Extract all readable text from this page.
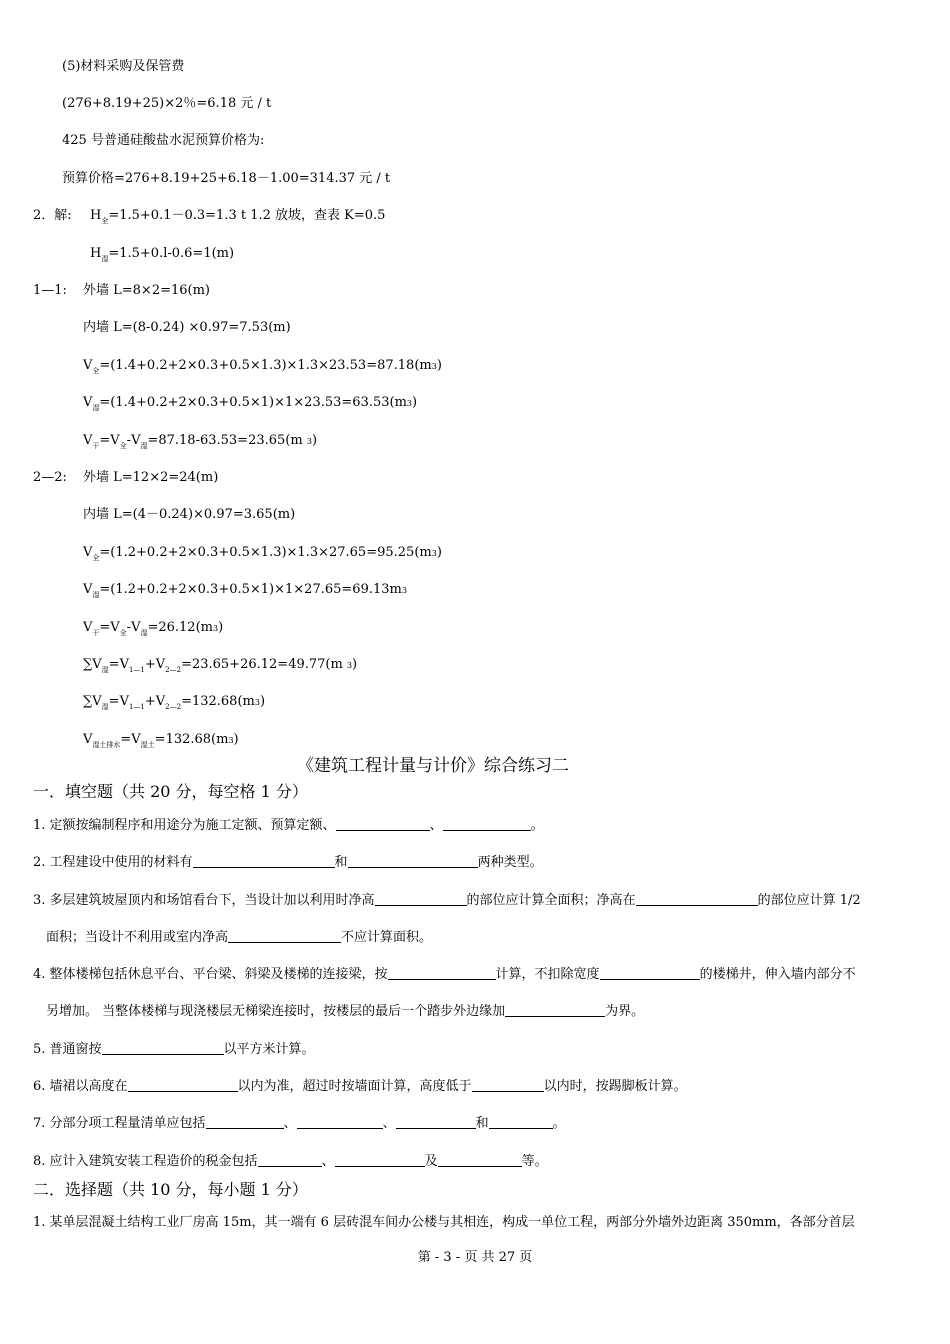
(5)材料采购及保管费
(276+8.19+25)×2％=6.18 元 / t
425 号普通硅酸盐水泥预算价格为:
预算价格=276+8.19+25+6.18－1.00=314.37 元 / t
2．解: $H_全=1.5+0.1-0.3=1.3$ t 1.2 放坡，查表 K=0.5
$H_湿=1.5+0.l-0.6=1(m)$
1—1: 外墙 L=8×2=16(m)
内墙 L=(8-0.24) ×0.97=7.53(m)
$V_全=(1.4+0.2+2\times 0.3+0.5\times 1.3)\times 1.3\times 23.53=87.18(m3)$
$V_湿=(1.4+0.2+2\times 0.3+0.5\times 1)\times 1\times 23.53=63.53(m3)$
$V_干=V_全-V_湿=87.18-63.53=23.65(m$ 3)
2—2: 外墙 L=12×2=24(m)
内墙 L=(4－0.24)×0.97=3.65(m)
$V_全=(1.2+0.2+2\times 0.3+0.5\times 1.3)\times 1.3\times 27.65=95.25(m3)$
$V_湿=(1.2+0.2+2\times 0.3+0.5\times 1)\times 1\times 27.65=69.13m3$
$V_干=V_全-V_湿=26.12(m3)$
$\sum V_湿=V_{1—1}+V_{2—2}=23.65+26.12=49.77(m$ 3)
$\sum V_湿=V_{1—1}+V_{2—2}=132.68(m3)$
$V_{湿土排水}=V_{湿土}=132.68(m3)$
《建筑工程计量与计价》综合练习二
一．填空题（共 20 分，每空格 1 分）
1. 定额按编制程序和用途分为施工定额、预算定额、	、	。
2. 工程建设中使用的材料有	和	两种类型。
3. 多层建筑坡屋顶内和场馆看台下，当设计加以利用时净高	的部位应计算全面积；净高在	的部位应计算 1/2
面积；当设计不利用或室内净高	不应计算面积。
4. 整体楼梯包括休息平台、平台梁、斜梁及楼梯的连接梁，按	计算，不扣除宽度	的楼梯井，伸入墙内部分不
另增加。 当整体楼梯与现浇楼层无梯梁连接时，按楼层的最后一个踏步外边缘加	为界。
5. 普通窗按	以平方米计算。
6. 墙裙以高度在	以内为准，超过时按墙面计算，高度低于	以内时，按踢脚板计算。
7. 分部分项工程量清单应包括	、	、	和	。
8. 应计入建筑安装工程造价的税金包括	、	及	等。
二．选择题（共 10 分，每小题 1 分）
1. 某单层混凝土结构工业厂房高 15m，其一端有 6 层砖混车间办公楼与其相连，构成一单位工程，两部分外墙外边距离 350mm，各部分首层
第 - 3 - 页 共 27 页
